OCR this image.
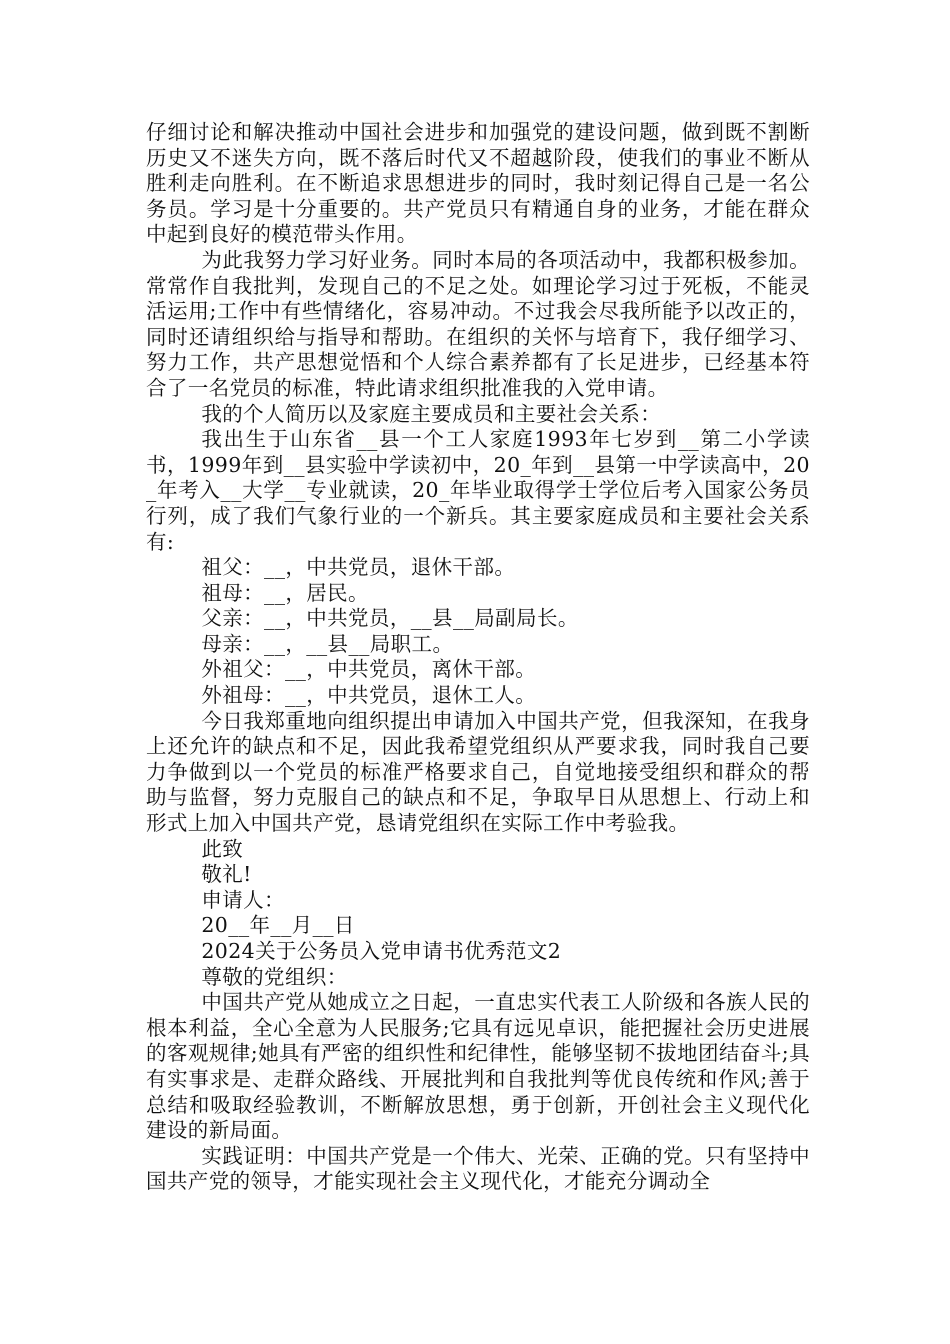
仔细讨论和解决推动中国社会进步和加强党的建设问题，做到既不割断历史又不迷失方向，既不落后时代又不超越阶段，使我们的事业不断从胜利走向胜利。在不断追求思想进步的同时，我时刻记得自己是一名公务员。学习是十分重要的。共产党员只有精通自身的业务，才能在群众中起到良好的模范带头作用。

为此我努力学习好业务。同时本局的各项活动中，我都积极参加。常常作自我批判，发现自己的不足之处。如理论学习过于死板，不能灵活运用;工作中有些情绪化，容易冲动。不过我会尽我所能予以改正的，同时还请组织给与指导和帮助。在组织的关怀与培育下，我仔细学习、努力工作，共产思想觉悟和个人综合素养都有了长足进步，已经基本符合了一名党员的标准，特此请求组织批准我的入党申请。

我的个人简历以及家庭主要成员和主要社会关系：

我出生于山东省__县一个工人家庭1993年七岁到__第二小学读书，1999年到__县实验中学读初中，20_年到__县第一中学读高中，20_年考入__大学__专业就读，20_年毕业取得学士学位后考入国家公务员行列，成了我们气象行业的一个新兵。其主要家庭成员和主要社会关系有:

祖父：__，中共党员，退休干部。

祖母：__，居民。

父亲：__，中共党员，__县__局副局长。

母亲：__，__县__局职工。

外祖父：__，中共党员，离休干部。

外祖母：__，中共党员，退休工人。

今日我郑重地向组织提出申请加入中国共产党，但我深知，在我身上还允许的缺点和不足，因此我希望党组织从严要求我，同时我自己要力争做到以一个党员的标准严格要求自己，自觉地接受组织和群众的帮助与监督，努力克服自己的缺点和不足，争取早日从思想上、行动上和形式上加入中国共产党，恳请党组织在实际工作中考验我。

此致

敬礼!

申请人：

20__年__月__日

2024关于公务员入党申请书优秀范文2

尊敬的党组织：

中国共产党从她成立之日起，一直忠实代表工人阶级和各族人民的根本利益，全心全意为人民服务;它具有远见卓识，能把握社会历史进展的客观规律;她具有严密的组织性和纪律性，能够坚韧不拔地团结奋斗;具有实事求是、走群众路线、开展批判和自我批判等优良传统和作风;善于总结和吸取经验教训，不断解放思想，勇于创新，开创社会主义现代化建设的新局面。

实践证明：中国共产党是一个伟大、光荣、正确的党。只有坚持中国共产党的领导，才能实现社会主义现代化，才能充分调动全
